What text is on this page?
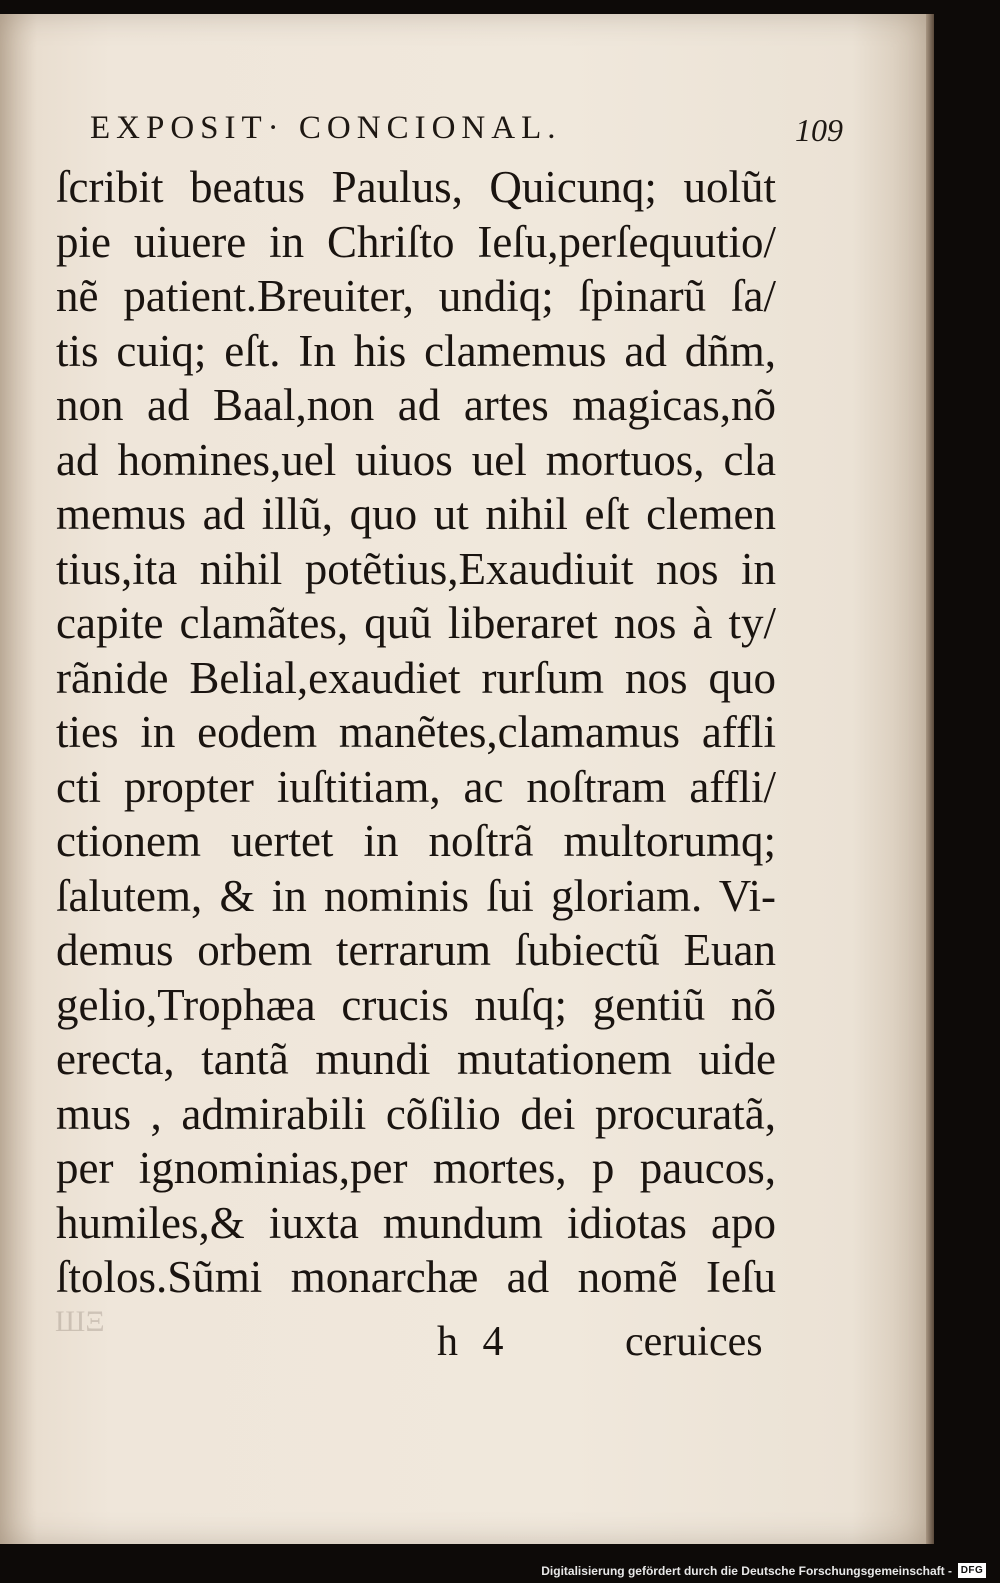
EXPOSIT· CONCIONAL.	109
ſcribit beatus Paulus, Quicunq; uolũt
pie uiuere in Chriſto Ieſu,perſequutio/
nẽ patient.Breuiter, undiq; ſpinarũ ſa/
tis cuiq; eſt. In his clamemus ad dñm,
non ad Baal,non ad artes magicas,nõ
ad homines,uel uiuos uel mortuos, cla
memus ad illũ, quo ut nihil eſt clemen
tius,ita nihil potẽtius,Exaudiuit nos in
capite clamãtes, quũ liberaret nos à ty/
rãnide Belial,exaudiet rurſum nos quo
ties in eodem manẽtes,clamamus affli
cti propter iuſtitiam, ac noſtram affli/
ctionem uertet in noſtrã multorumq;
ſalutem, & in nominis ſui gloriam. Vi-
demus orbem terrarum ſubiectũ Euan
gelio,Trophæa crucis nuſq; gentiũ nõ
erecta, tantã mundi mutationem uide
mus , admirabili cõſilio dei procuratã,
per ignominias,per mortes, p paucos,
humiles,& iuxta mundum idiotas apo
ſtolos.Sũmi monarchæ ad nomẽ Ieſu
ΞШ	h 4	ceruices
Digitalisierung gefördert durch die Deutsche Forschungsgemeinschaft - DFG
